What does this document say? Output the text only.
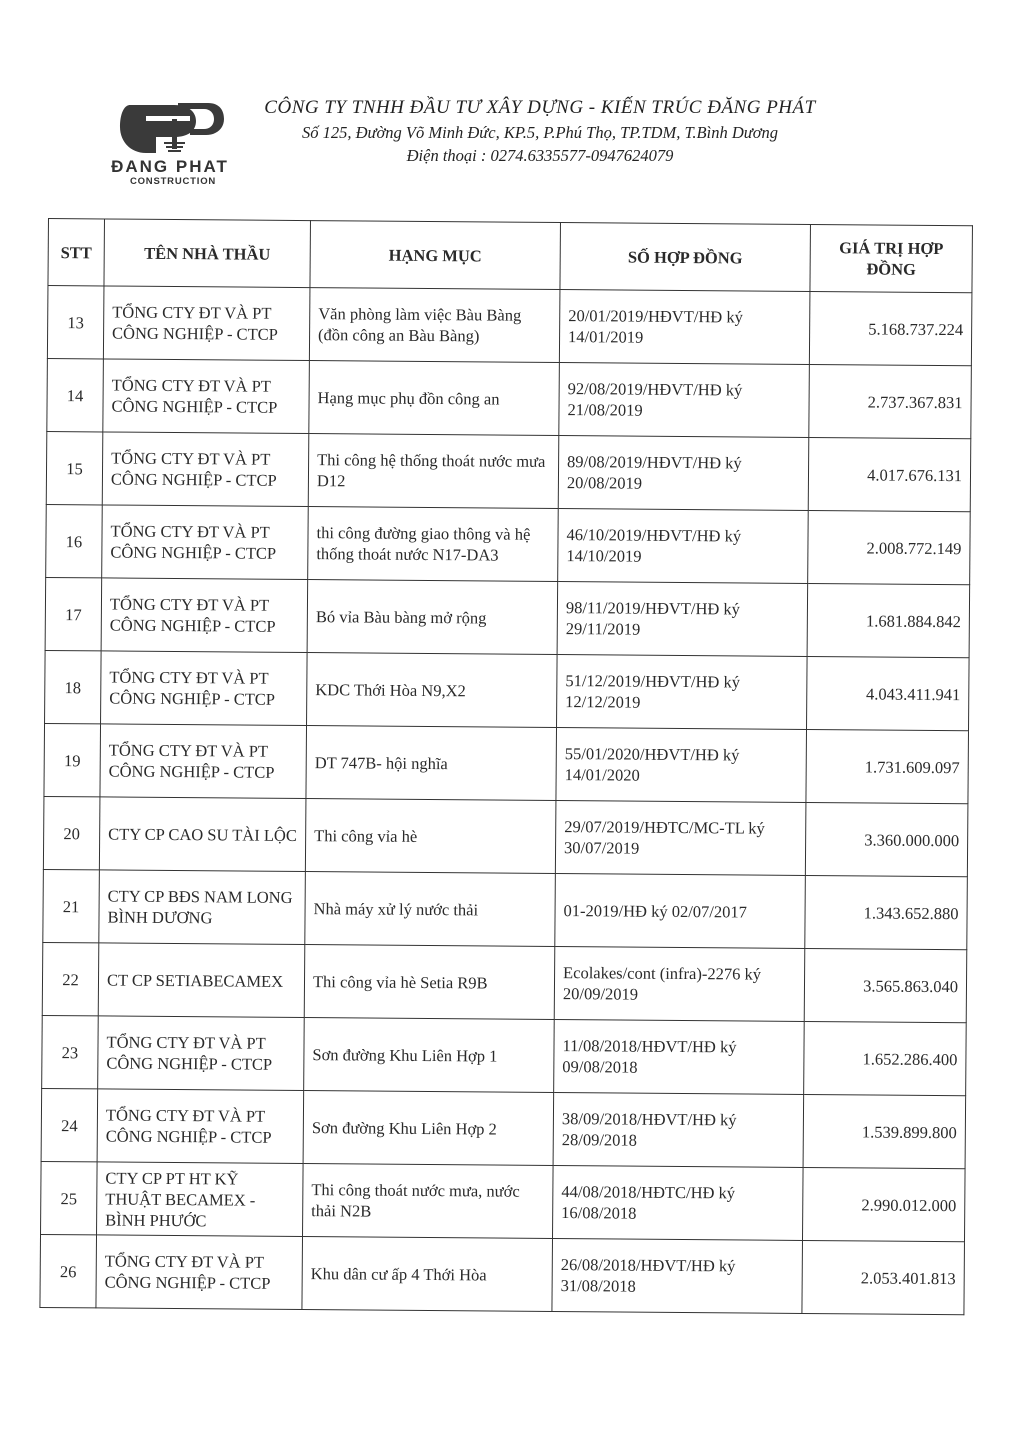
ĐANG PHAT
CONSTRUCTION
CÔNG TY TNHH ĐẦU TƯ XÂY DỰNG - KIẾN TRÚC ĐĂNG PHÁT
Số 125, Đường Võ Minh Đức, KP.5, P.Phú Thọ, TP.TDM, T.Bình Dương
Điện thoại : 0274.6335577-0947624079
STT	TÊN NHÀ THẦU	HẠNG MỤC	SỐ HỢP ĐỒNG	GIÁ TRỊ HỢP ĐỒNG
13	TỔNG CTY ĐT VÀ PT CÔNG NGHIỆP - CTCP	Văn phòng làm việc Bàu Bàng (đồn công an Bàu Bàng)	20/01/2019/HĐVT/HĐ ký 14/01/2019	5.168.737.224
14	TỔNG CTY ĐT VÀ PT CÔNG NGHIỆP - CTCP	Hạng mục phụ đồn công an	92/08/2019/HĐVT/HĐ ký 21/08/2019	2.737.367.831
15	TỔNG CTY ĐT VÀ PT CÔNG NGHIỆP - CTCP	Thi công hệ thống thoát nước mưa D12	89/08/2019/HĐVT/HĐ ký 20/08/2019	4.017.676.131
16	TỔNG CTY ĐT VÀ PT CÔNG NGHIỆP - CTCP	thi công đường giao thông và hệ thống thoát nước N17-DA3	46/10/2019/HĐVT/HĐ ký 14/10/2019	2.008.772.149
17	TỔNG CTY ĐT VÀ PT CÔNG NGHIỆP - CTCP	Bó vỉa Bàu bàng mở rộng	98/11/2019/HĐVT/HĐ ký 29/11/2019	1.681.884.842
18	TỔNG CTY ĐT VÀ PT CÔNG NGHIỆP - CTCP	KDC Thới Hòa N9,X2	51/12/2019/HĐVT/HĐ ký 12/12/2019	4.043.411.941
19	TỔNG CTY ĐT VÀ PT CÔNG NGHIỆP - CTCP	DT 747B- hội nghĩa	55/01/2020/HĐVT/HĐ ký 14/01/2020	1.731.609.097
20	CTY CP CAO SU TÀI LỘC	Thi công vỉa hè	29/07/2019/HĐTC/MC-TL ký 30/07/2019	3.360.000.000
21	CTY CP BĐS NAM LONG BÌNH DƯƠNG	Nhà máy xử lý nước thải	01-2019/HĐ ký 02/07/2017	1.343.652.880
22	CT CP SETIABECAMEX	Thi công vỉa hè Setia R9B	Ecolakes/cont (infra)-2276 ký 20/09/2019	3.565.863.040
23	TỔNG CTY ĐT VÀ PT CÔNG NGHIỆP - CTCP	Sơn đường Khu Liên Hợp 1	11/08/2018/HĐVT/HĐ ký 09/08/2018	1.652.286.400
24	TỔNG CTY ĐT VÀ PT CÔNG NGHIỆP - CTCP	Sơn đường Khu Liên Hợp 2	38/09/2018/HĐVT/HĐ ký 28/09/2018	1.539.899.800
25	CTY CP PT HT KỸ THUẬT BECAMEX - BÌNH PHƯỚC	Thi công thoát nước mưa, nước thải N2B	44/08/2018/HĐTC/HĐ ký 16/08/2018	2.990.012.000
26	TỔNG CTY ĐT VÀ PT CÔNG NGHIỆP - CTCP	Khu dân cư ấp 4 Thới Hòa	26/08/2018/HĐVT/HĐ ký 31/08/2018	2.053.401.813
